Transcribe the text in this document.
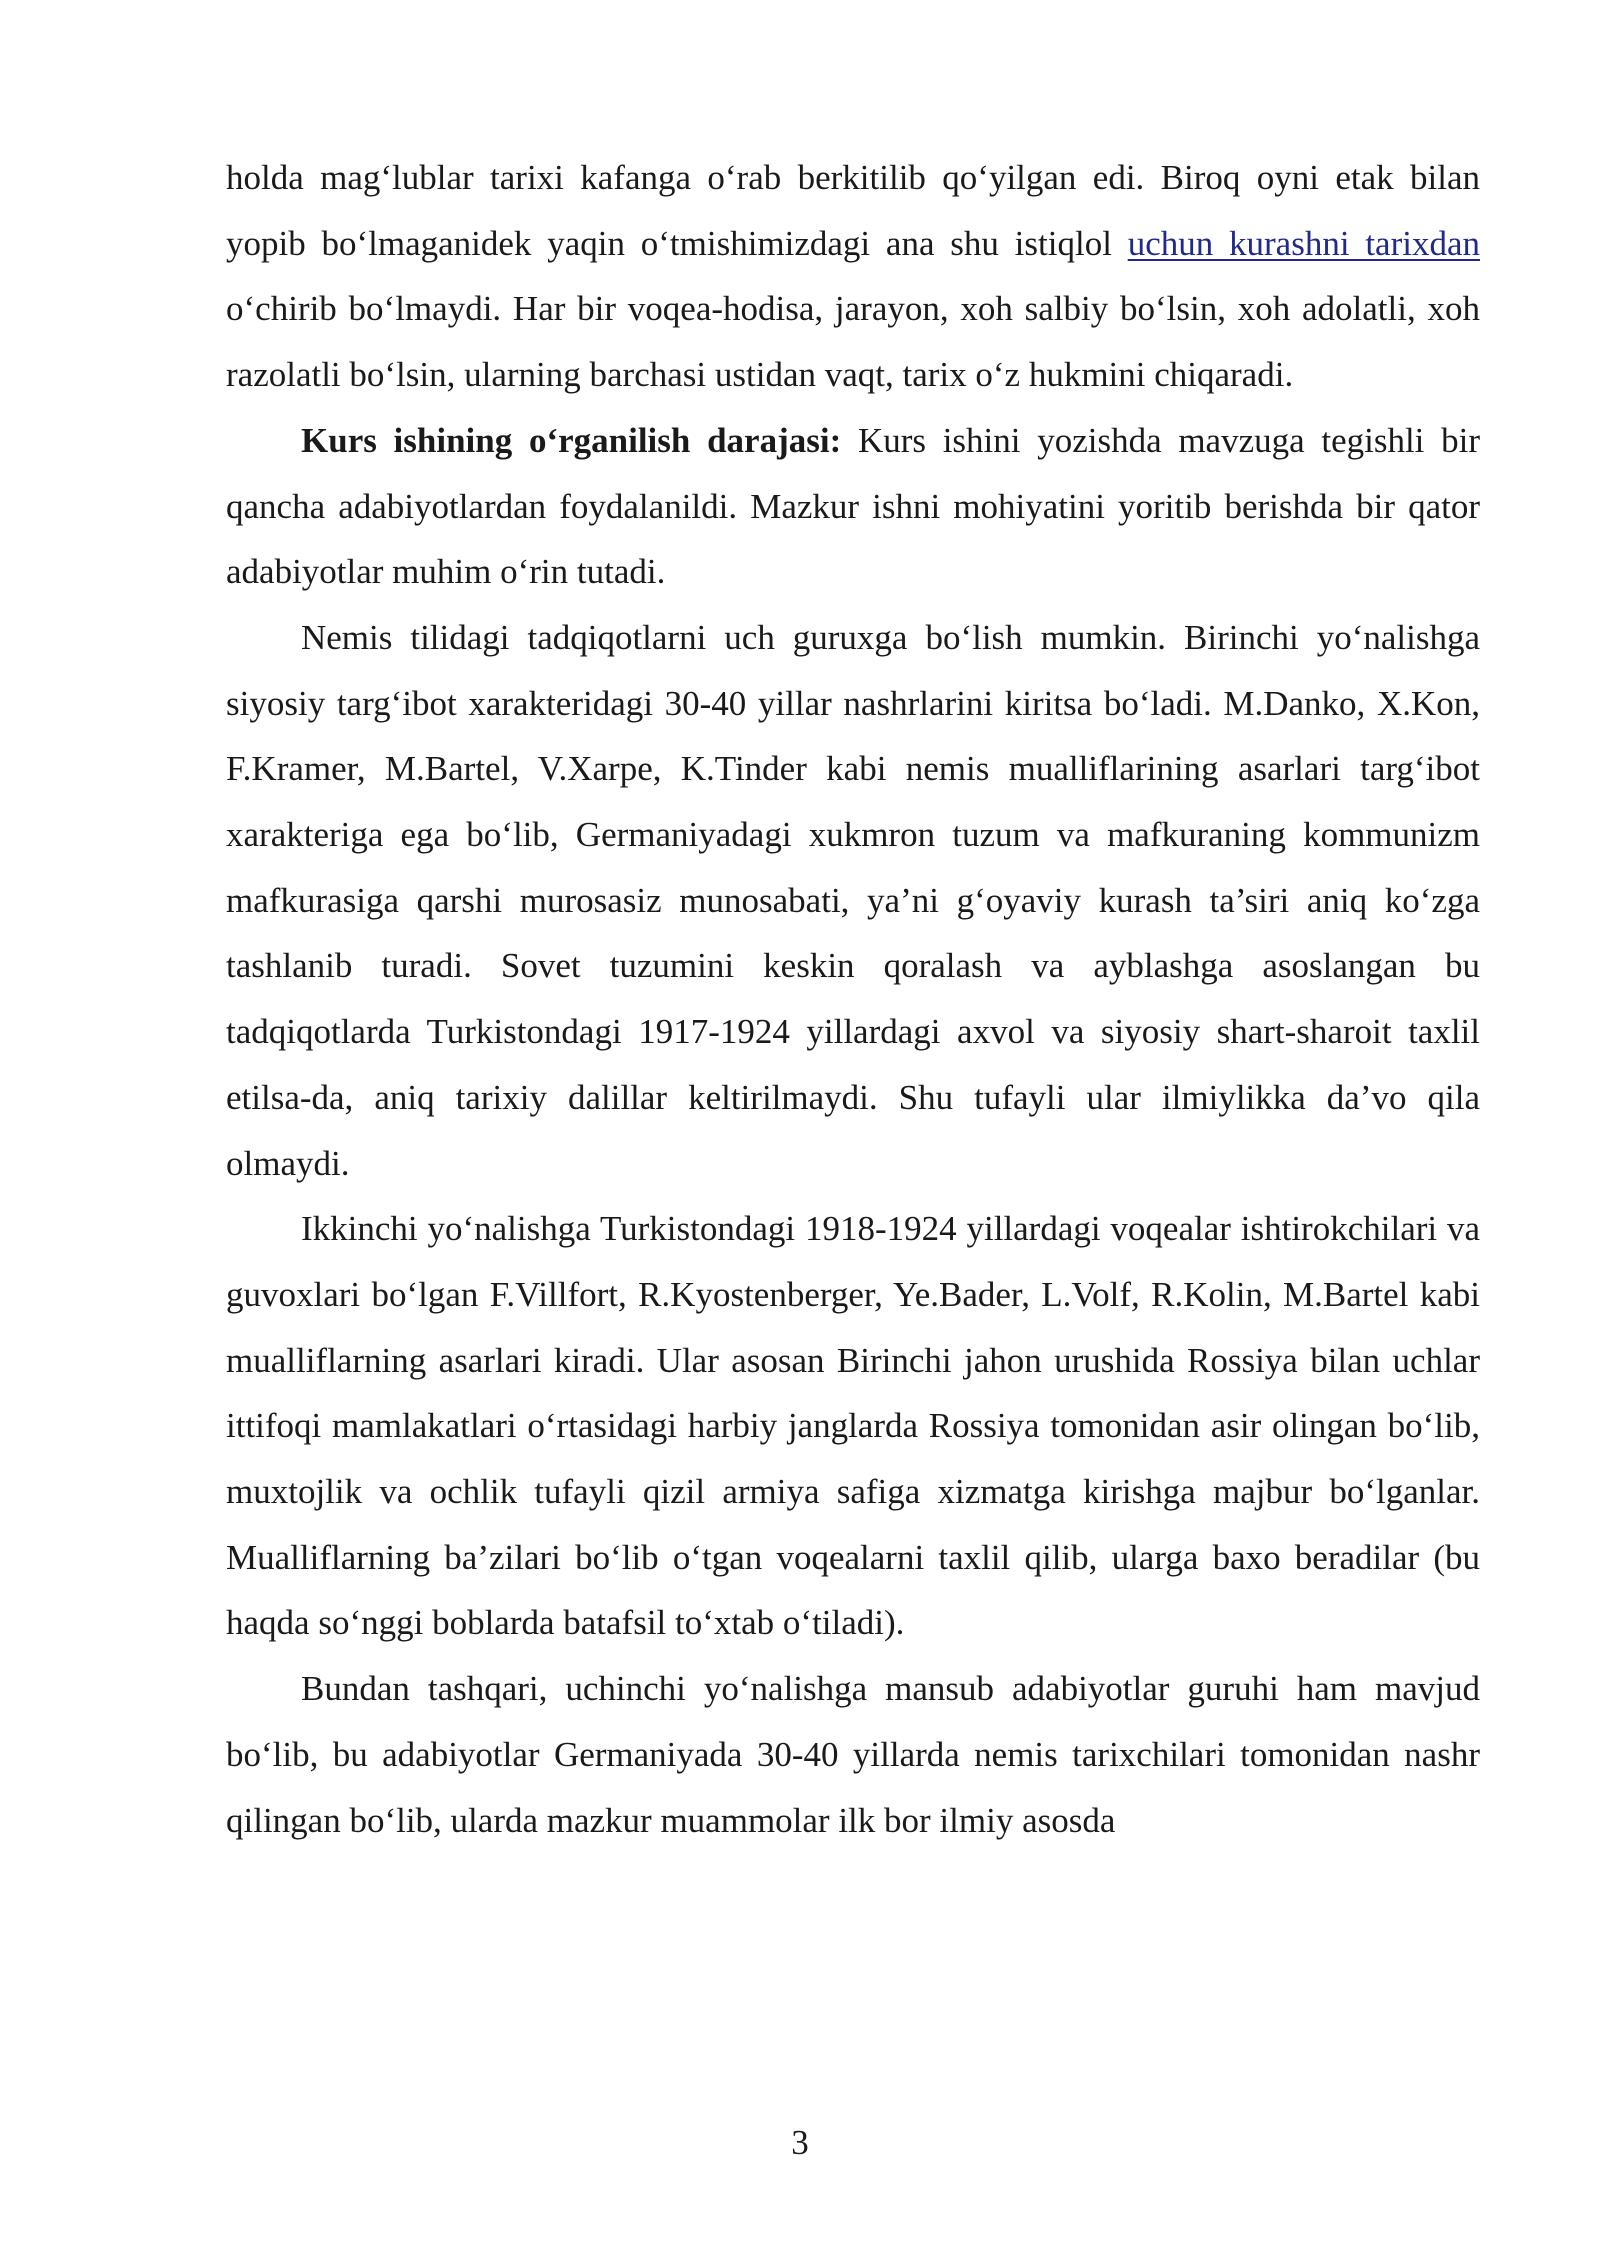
holda mag‘lublar tarixi kafanga o‘rab berkitilib qo‘yilgan edi. Biroq oyni etak bilan yopib bo‘lmaganidek yaqin o‘tmishimizdagi ana shu istiqlol uchun kurashni tarixdan o‘chirib bo‘lmaydi. Har bir voqea-hodisa, jarayon, xoh salbiy bo‘lsin, xoh adolatli, xoh razolatli bo‘lsin, ularning barchasi ustidan vaqt, tarix o‘z hukmini chiqaradi.

Kurs ishining o‘rganilish darajasi: Kurs ishini yozishda mavzuga tegishli bir qancha adabiyotlardan foydalanildi. Mazkur ishni mohiyatini yoritib berishda bir qator adabiyotlar muhim o‘rin tutadi.

Nemis tilidagi tadqiqotlarni uch guruxga bo‘lish mumkin. Birinchi yo‘nalishga siyosiy targ‘ibot xarakteridagi 30-40 yillar nashrlarini kiritsa bo‘ladi. M.Danko, X.Kon, F.Kramer, M.Bartel, V.Xarpe, K.Tinder kabi nemis mualliflarining asarlari targ‘ibot xarakteriga ega bo‘lib, Germaniyadagi xukmron tuzum va mafkuraning kommunizm mafkurasiga qarshi murosasiz munosabati, ya’ni g‘oyaviy kurash ta’siri aniq ko‘zga tashlanib turadi. Sovet tuzumini keskin qoralash va ayblashga asoslangan bu tadqiqotlarda Turkistondagi 1917-1924 yillardagi axvol va siyosiy shart-sharoit taxlil etilsa-da, aniq tarixiy dalillar keltirilmaydi. Shu tufayli ular ilmiylikka da’vo qila olmaydi.

Ikkinchi yo‘nalishga Turkistondagi 1918-1924 yillardagi voqealar ishtirokchilari va guvoxlari bo‘lgan F.Villfort, R.Kyostenberger, Ye.Bader, L.Volf, R.Kolin, M.Bartel kabi mualliflarning asarlari kiradi. Ular asosan Birinchi jahon urushida Rossiya bilan uchlar ittifoqi mamlakatlari o‘rtasidagi harbiy janglarda Rossiya tomonidan asir olingan bo‘lib, muxtojlik va ochlik tufayli qizil armiya safiga xizmatga kirishga majbur bo‘lganlar. Mualliflarning ba’zilari bo‘lib o‘tgan voqealarni taxlil qilib, ularga baxo beradilar (bu haqda so‘nggi boblarda batafsil to‘xtab o‘tiladi).

Bundan tashqari, uchinchi yo‘nalishga mansub adabiyotlar guruhi ham mavjud bo‘lib, bu adabiyotlar Germaniyada 30-40 yillarda nemis tarixchilari tomonidan nashr qilingan bo‘lib, ularda mazkur muammolar ilk bor ilmiy asosda

3
